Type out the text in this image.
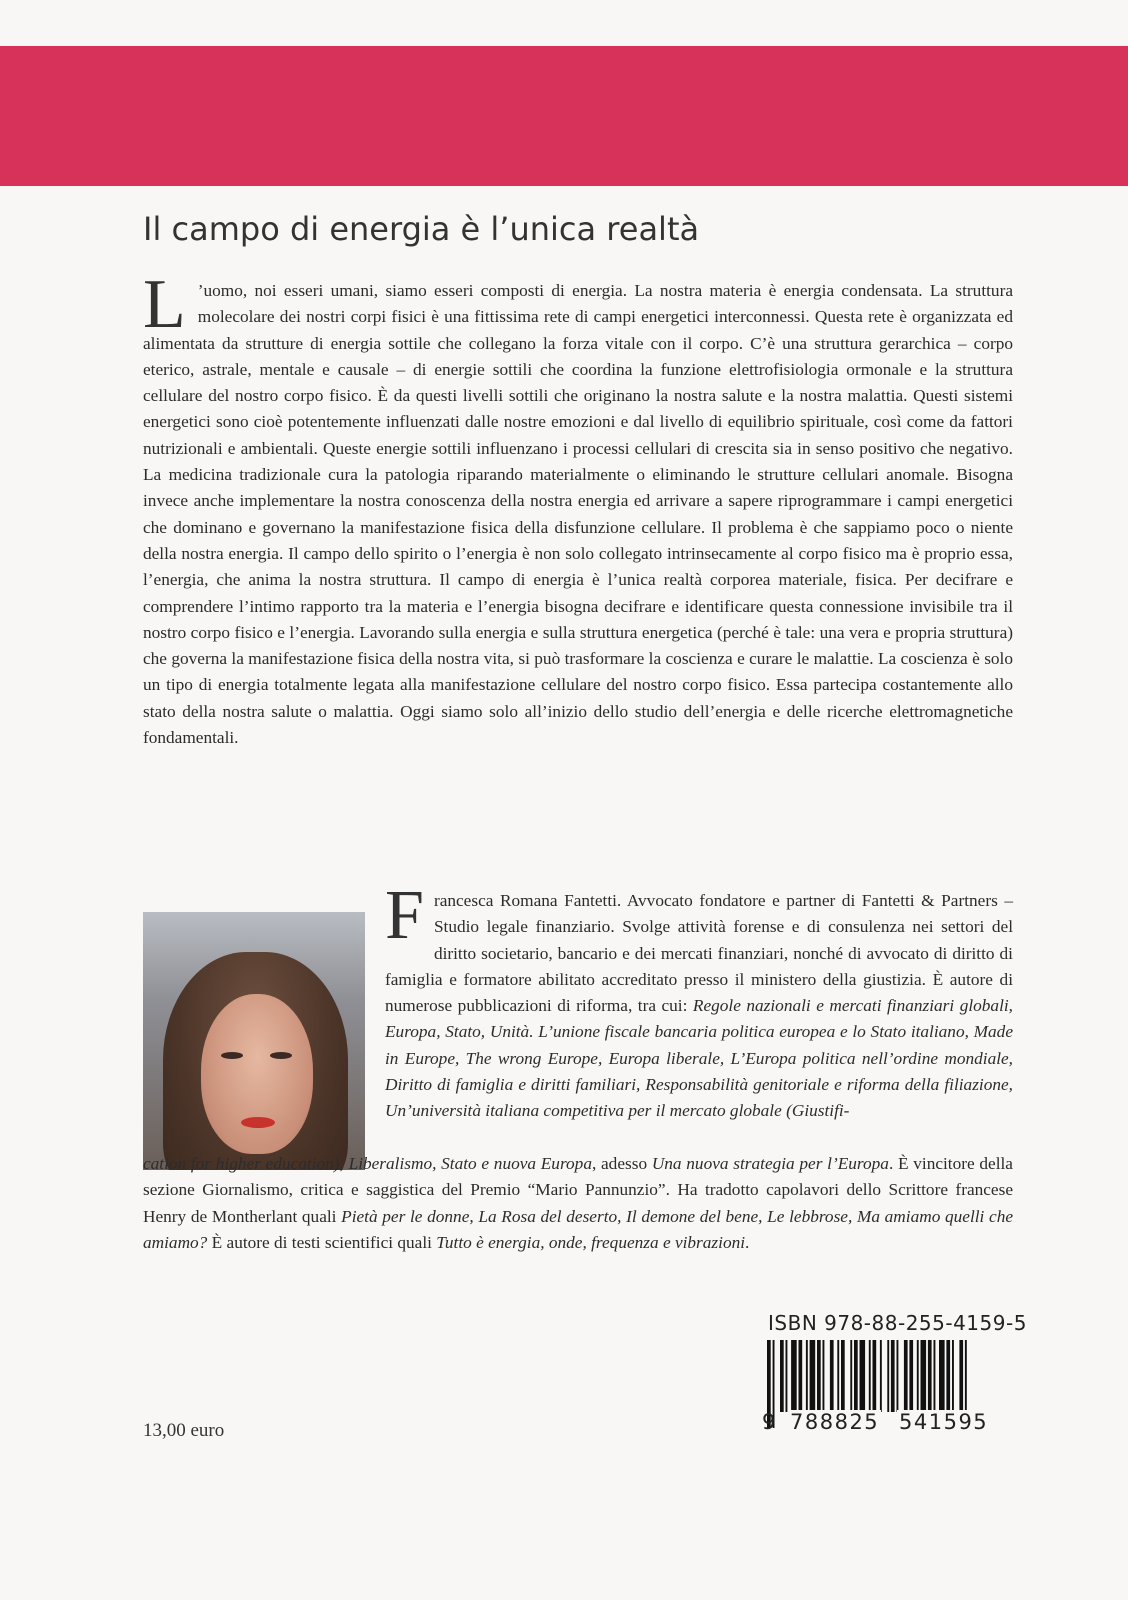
Il campo di energia è l’unica realtà

L ’uomo, noi esseri umani, siamo esseri composti di energia. La nostra materia è energia condensata. La struttura molecolare dei nostri corpi fisici è una fittissima rete di campi energetici interconnessi. Questa rete è organizzata ed alimentata da strutture di energia sottile che collegano la forza vitale con il corpo. C’è una struttura gerarchica – corpo eterico, astrale, mentale e causale – di energie sottili che coordina la funzione elettrofisiologia ormonale e la struttura cellulare del nostro corpo fisico. È da questi livelli sottili che originano la nostra salute e la nostra malattia. Questi sistemi energetici sono cioè potentemente influenzati dalle nostre emozioni e dal livello di equilibrio spirituale, così come da fattori nutrizionali e ambientali. Queste energie sottili influenzano i processi cellulari di crescita sia in senso positivo che negativo. La medicina tradizionale cura la patologia riparando materialmente o eliminando le strutture cellulari anomale. Bisogna invece anche implementare la nostra conoscenza della nostra energia ed arrivare a sapere riprogrammare i campi energetici che dominano e governano la manifestazione fisica della disfunzione cellulare. Il problema è che sappiamo poco o niente della nostra energia. Il campo dello spirito o l’energia è non solo collegato intrinsecamente al corpo fisico ma è proprio essa, l’energia, che anima la nostra struttura. Il campo di energia è l’unica realtà corporea materiale, fisica. Per decifrare e comprendere l’intimo rapporto tra la materia e l’energia bisogna decifrare e identificare questa connessione invisibile tra il nostro corpo fisico e l’energia. Lavorando sulla energia e sulla struttura energetica (perché è tale: una vera e propria struttura) che governa la manifestazione fisica della nostra vita, si può trasformare la coscienza e curare le malattie. La coscienza è solo un tipo di energia totalmente legata alla manifestazione cellulare del nostro corpo fisico. Essa partecipa costantemente allo stato della nostra salute o malattia. Oggi siamo solo all’inizio dello studio dell’energia e delle ricerche elettromagnetiche fondamentali.

Francesca Romana Fantetti. Avvocato fondatore e partner di Fantetti & Partners – Studio legale finanziario. Svolge attività forense e di consulenza nei settori del diritto societario, bancario e dei mercati finanziari, nonché di avvocato di diritto di famiglia e formatore abilitato accreditato presso il ministero della giustizia. È autore di numerose pubblicazioni di riforma, tra cui: Regole nazionali e mercati finanziari globali, Europa, Stato, Unità. L’unione fiscale bancaria politica europea e lo Stato italiano, Made in Europe, The wrong Europe, Europa liberale, L’Europa politica nell’ordine mondiale, Diritto di famiglia e diritti familiari, Responsabilità genitoriale e riforma della filiazione, Un’università italiana competitiva per il mercato globale (Giustifi-

cation for higher education), Liberalismo, Stato e nuova Europa, adesso Una nuova strategia per l’Europa. È vincitore della sezione Giornalismo, critica e saggistica del Premio “Mario Pannunzio”. Ha tradotto capolavori dello Scrittore francese Henry de Montherlant quali Pietà per le donne, La Rosa del deserto, Il demone del bene, Le lebbrose, Ma amiamo quelli che amiamo? È autore di testi scientifici quali Tutto è energia, onde, frequenza e vibrazioni.

ISBN 978-88-255-4159-5
9 788825 541595
13,00 euro
